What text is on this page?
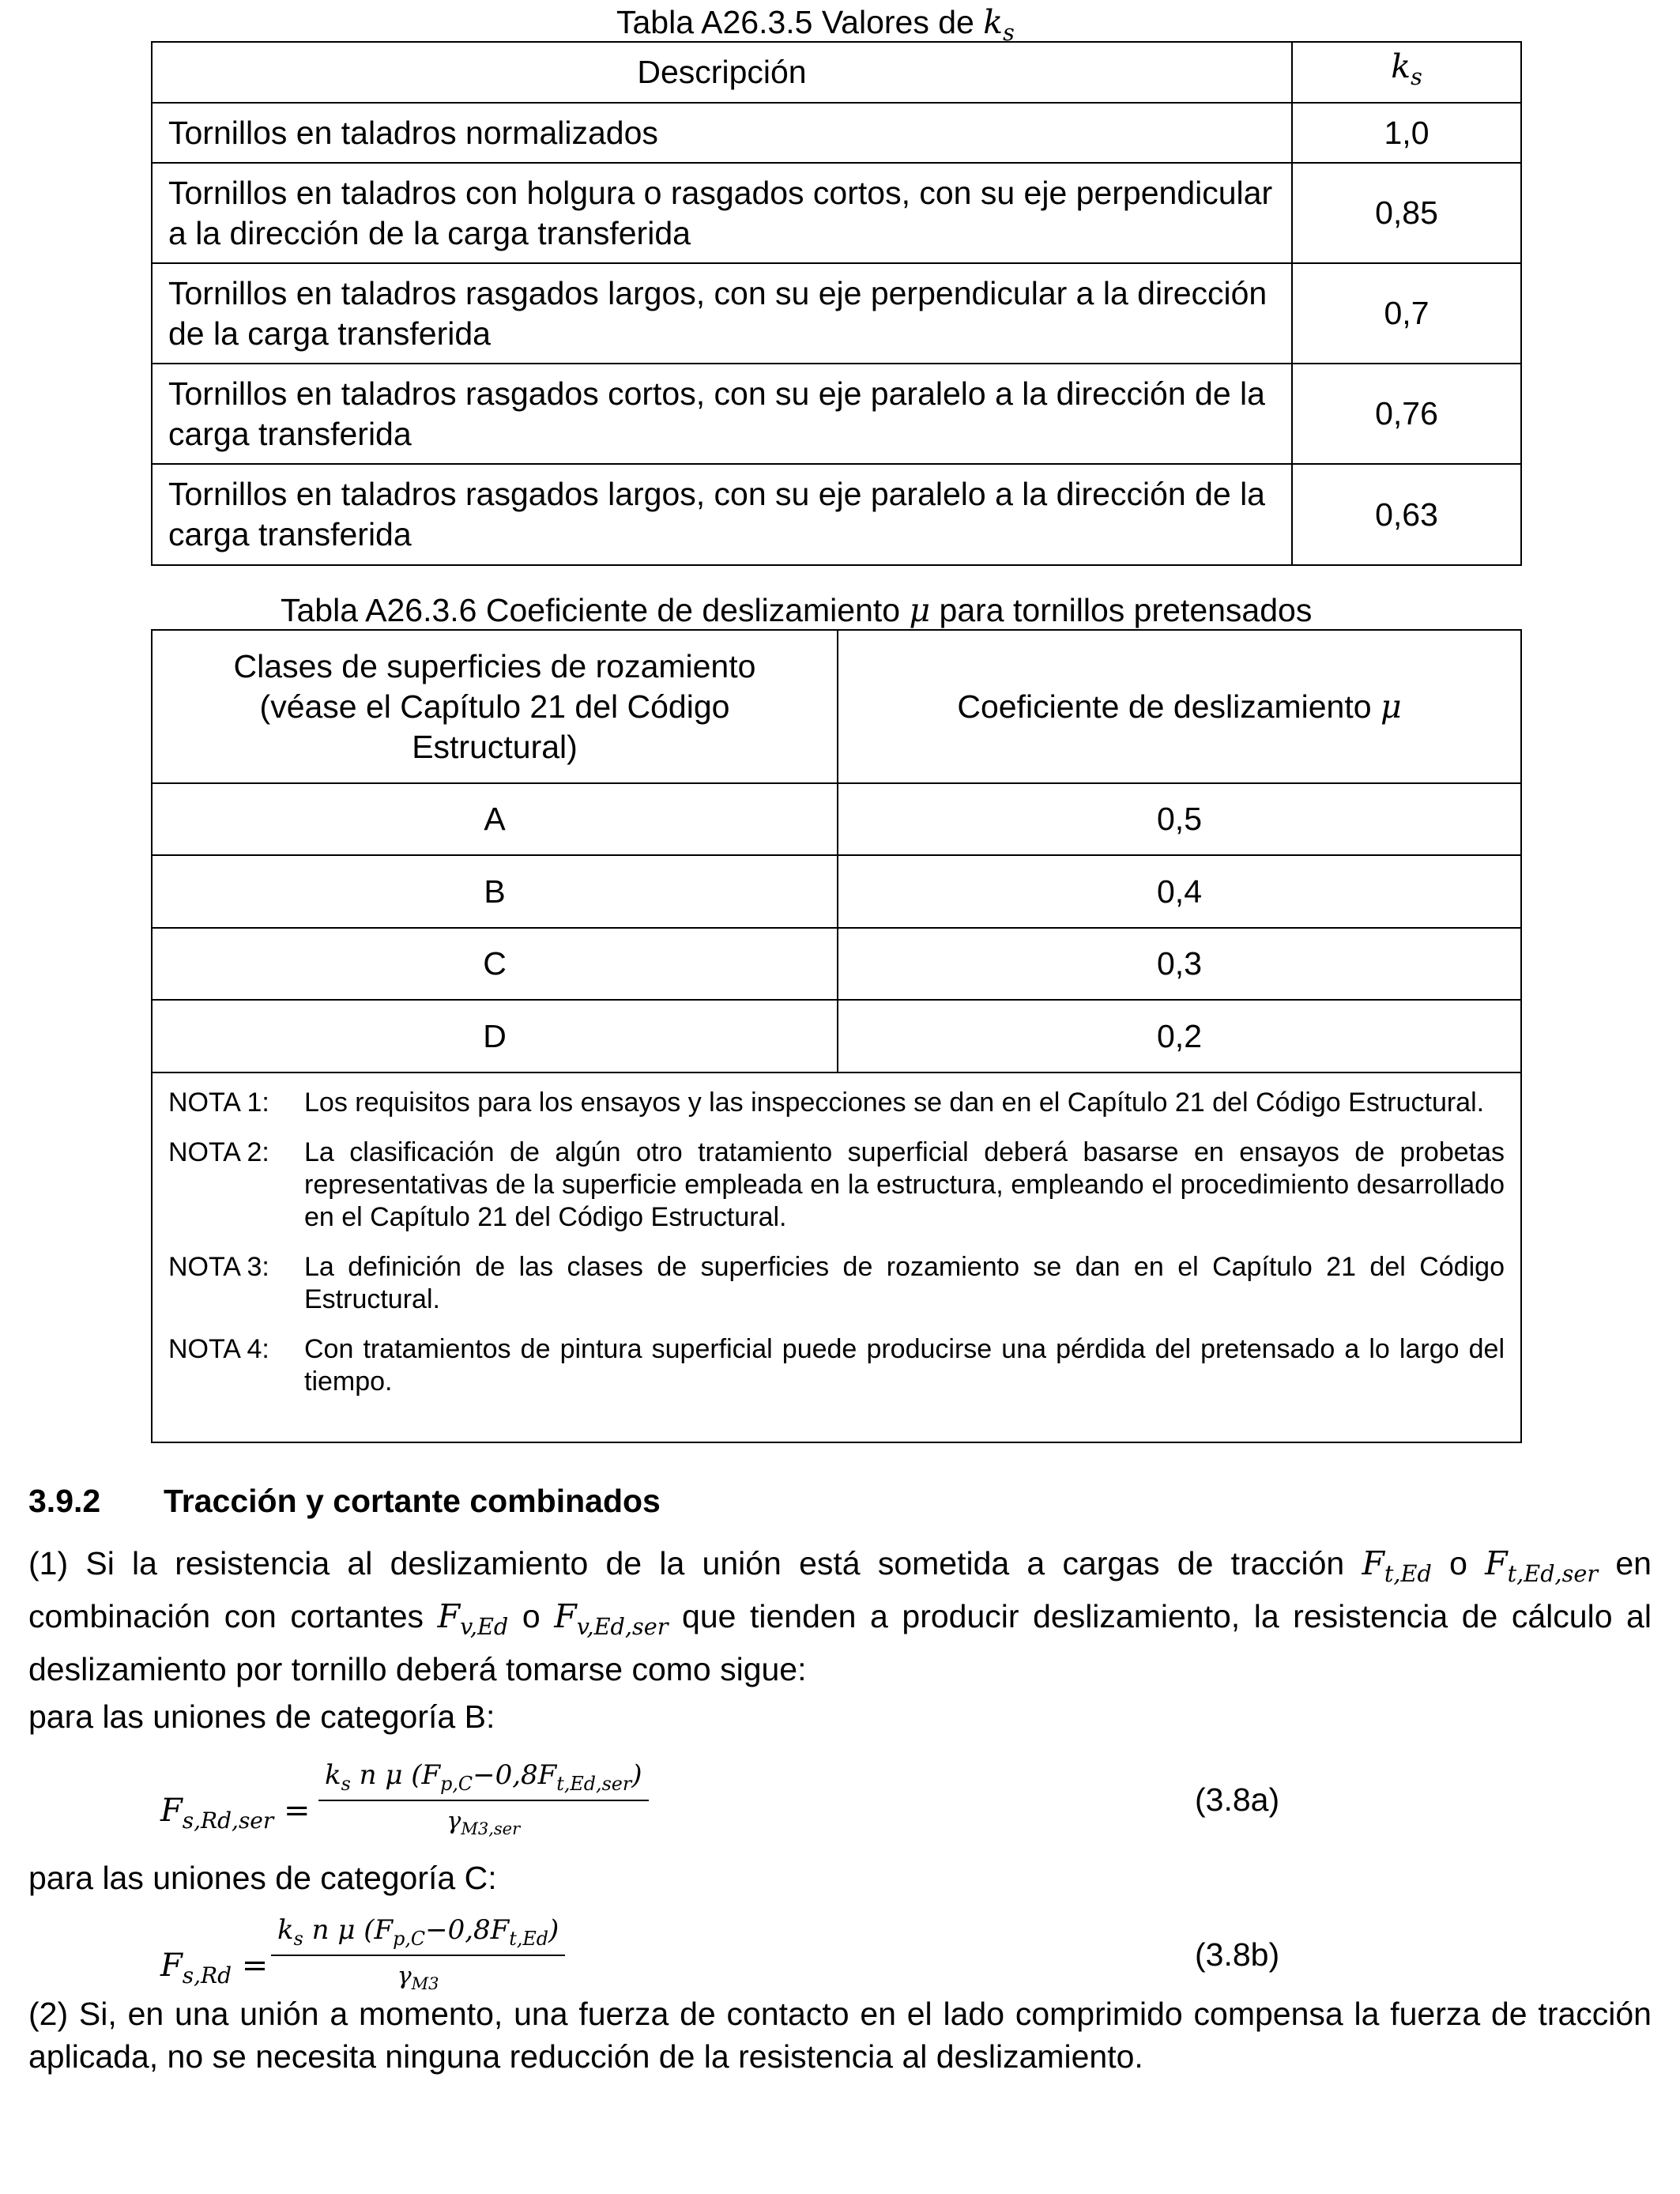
Tabla A26.3.5 Valores de $k_s$
Descripción	$k_s$
Tornillos en taladros normalizados	1,0
Tornillos en taladros con holgura o rasgados cortos, con su eje perpendicular a la dirección de la carga transferida	0,85
Tornillos en taladros rasgados largos, con su eje perpendicular a la dirección de la carga transferida	0,7
Tornillos en taladros rasgados cortos, con su eje paralelo a la dirección de la carga transferida	0,76
Tornillos en taladros rasgados largos, con su eje paralelo a la dirección de la carga transferida	0,63
Tabla A26.3.6 Coeficiente de deslizamiento μ para tornillos pretensados
Clases de superficies de rozamiento (véase el Capítulo 21 del Código Estructural)	Coeficiente de deslizamiento μ
A	0,5
B	0,4
C	0,3
D	0,2
NOTA 1:	Los requisitos para los ensayos y las inspecciones se dan en el Capítulo 21 del Código Estructural.
NOTA 2:	La clasificación de algún otro tratamiento superficial deberá basarse en ensayos de probetas representativas de la superficie empleada en la estructura, empleando el procedimiento desarrollado en el Capítulo 21 del Código Estructural.
NOTA 3:	La definición de las clases de superficies de rozamiento se dan en el Capítulo 21 del Código Estructural.
NOTA 4:	Con tratamientos de pintura superficial puede producirse una pérdida del pretensado a lo largo del tiempo.
3.9.2 Tracción y cortante combinados
(1) Si la resistencia al deslizamiento de la unión está sometida a cargas de tracción $F_{t,Ed}$ o $F_{t,Ed,ser}$ en combinación con cortantes $F_{v,Ed}$ o $F_{v,Ed,ser}$ que tienden a producir deslizamiento, la resistencia de cálculo al deslizamiento por tornillo deberá tomarse como sigue:
para las uniones de categoría B:
$F_{s,Rd,ser}$ =
$k_s$ n μ $(F_{p,C}-0,8F_{t,Ed,ser})$
$\gamma_{M3,ser}$
(3.8a)
para las uniones de categoría C:
$F_{s,Rd} = \frac{k_s n \mu (F_{p,C}-0,8F_{t,Ed})}{\gamma_{M3}}$	(3.8b)
(2) Si, en una unión a momento, una fuerza de contacto en el lado comprimido compensa la fuerza de tracción aplicada, no se necesita ninguna reducción de la resistencia al deslizamiento.
